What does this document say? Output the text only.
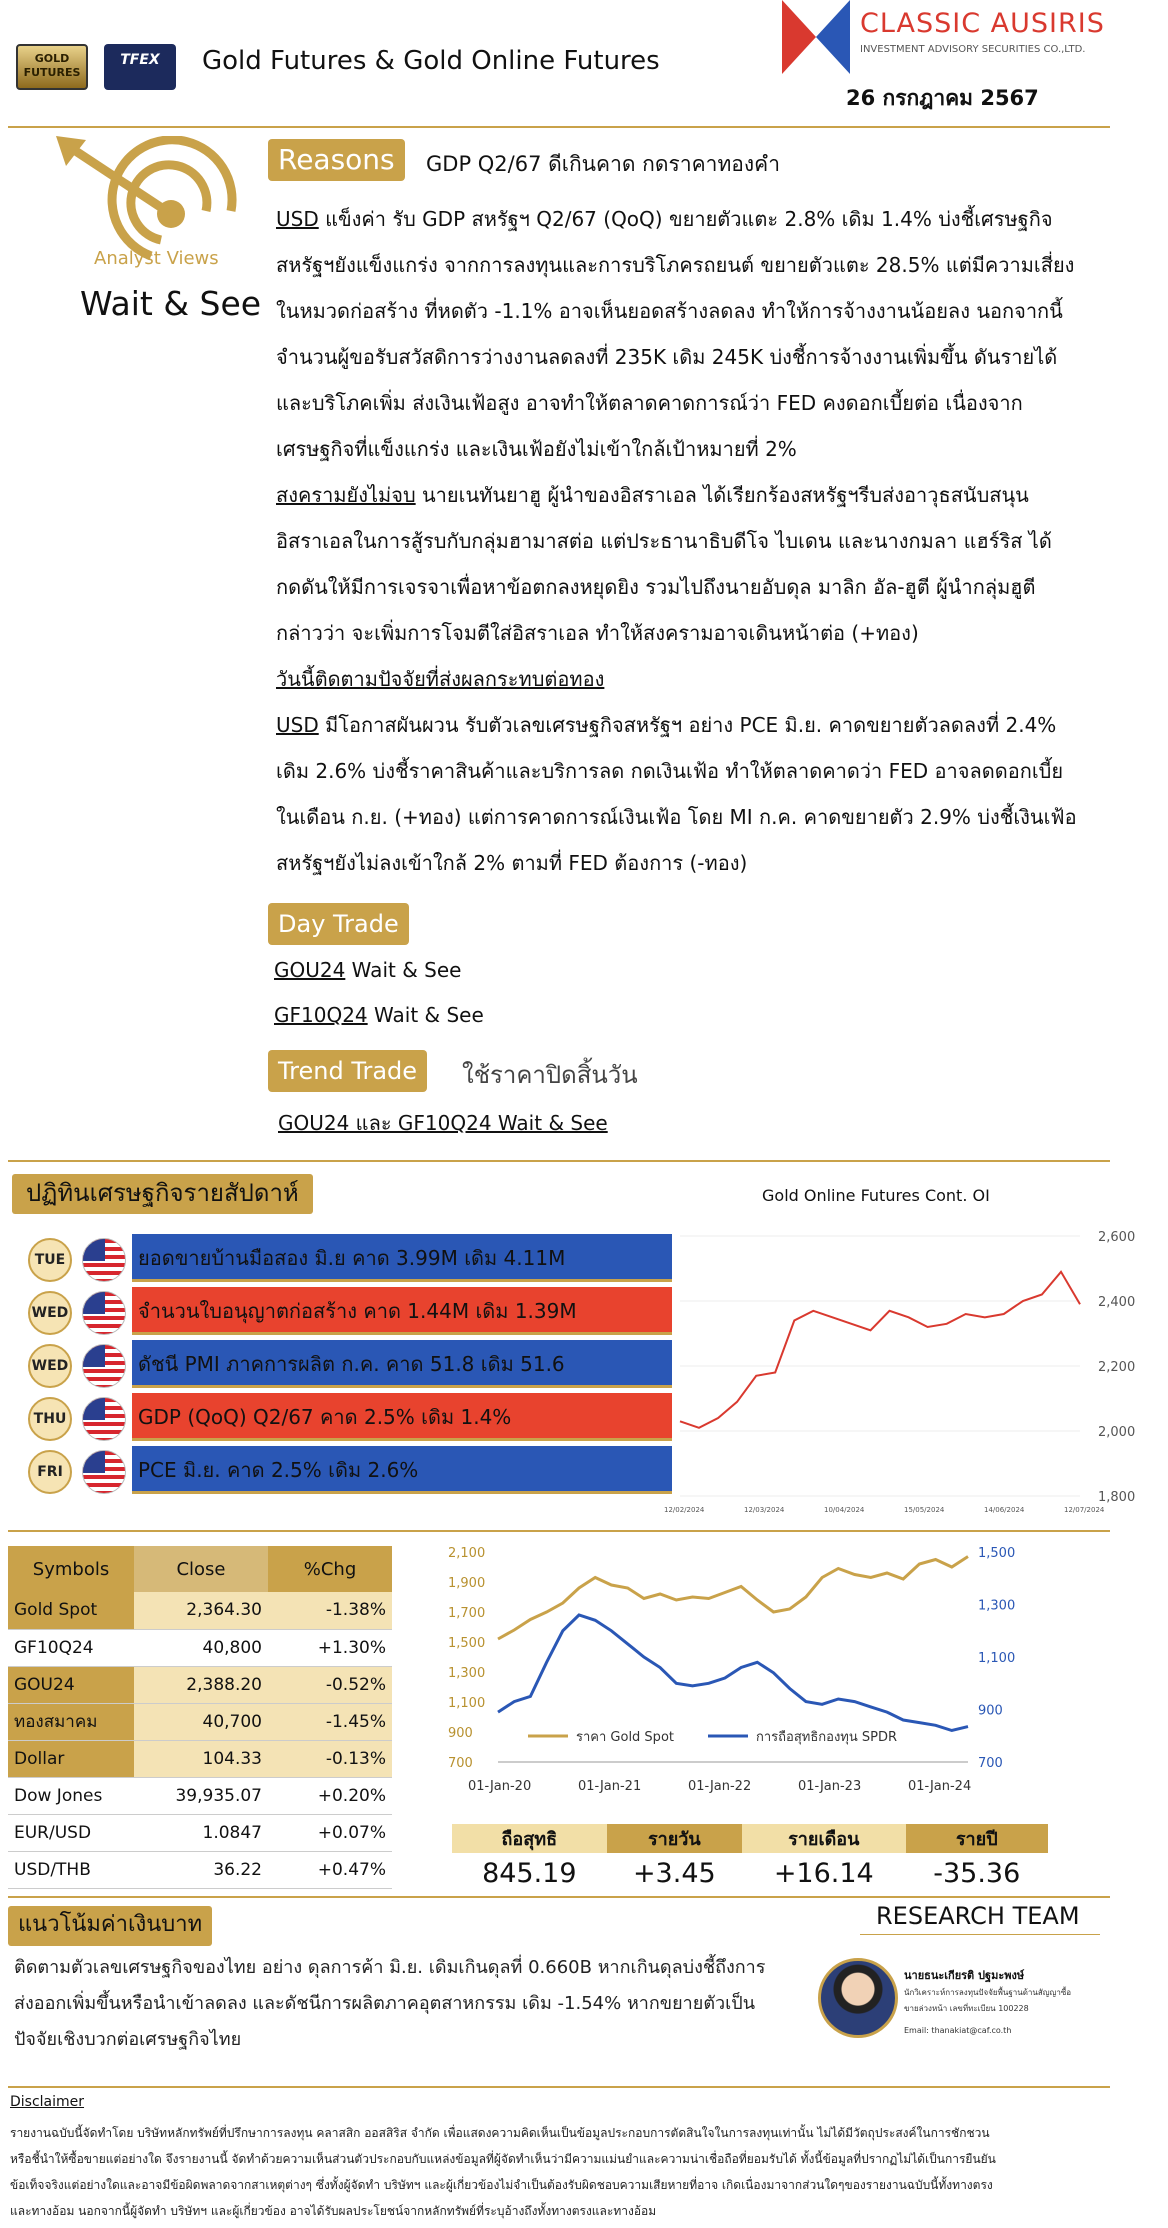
GOLD FUTURES
TFEX	Gold Futures & Gold Online Futures
CLASSIC AUSIRIS
INVESTMENT ADVISORY SECURITIES CO.,LTD.
26 กรกฎาคม 2567
Analyst Views
Wait & See
Reasons	GDP Q2/67 ดีเกินคาด กดราคาทองคำ
USD แข็งค่า รับ GDP สหรัฐฯ Q2/67 (QoQ) ขยายตัวแตะ 2.8% เดิม 1.4% บ่งชี้เศรษฐกิจ
สหรัฐฯยังแข็งแกร่ง จากการลงทุนและการบริโภครถยนต์ ขยายตัวแตะ 28.5% แต่มีความเสี่ยง
ในหมวดก่อสร้าง ที่หดตัว -1.1% อาจเห็นยอดสร้างลดลง ทำให้การจ้างงานน้อยลง นอกจากนี้
จำนวนผู้ขอรับสวัสดิการว่างงานลดลงที่ 235K เดิม 245K บ่งชี้การจ้างงานเพิ่มขึ้น ดันรายได้
และบริโภคเพิ่ม ส่งเงินเฟ้อสูง อาจทำให้ตลาดคาดการณ์ว่า FED คงดอกเบี้ยต่อ เนื่องจาก
เศรษฐกิจที่แข็งแกร่ง และเงินเฟ้อยังไม่เข้าใกล้เป้าหมายที่ 2%
สงครามยังไม่จบ นายเนทันยาฮู ผู้นำของอิสราเอล ได้เรียกร้องสหรัฐฯรีบส่งอาวุธสนับสนุน
อิสราเอลในการสู้รบกับกลุ่มฮามาสต่อ แต่ประธานาธิบดีโจ ไบเดน และนางกมลา แฮร์ริส ได้
กดดันให้มีการเจรจาเพื่อหาข้อตกลงหยุดยิง รวมไปถึงนายอับดุล มาลิก อัล-ฮูตี ผู้นำกลุ่มฮูตี
กล่าวว่า จะเพิ่มการโจมตีใส่อิสราเอล ทำให้สงครามอาจเดินหน้าต่อ (+ทอง)
วันนี้ติดตามปัจจัยที่ส่งผลกระทบต่อทอง
USD มีโอกาสผันผวน รับตัวเลขเศรษฐกิจสหรัฐฯ อย่าง PCE มิ.ย. คาดขยายตัวลดลงที่ 2.4%
เดิม 2.6% บ่งชี้ราคาสินค้าและบริการลด กดเงินเฟ้อ ทำให้ตลาดคาดว่า FED อาจลดดอกเบี้ย
ในเดือน ก.ย. (+ทอง) แต่การคาดการณ์เงินเฟ้อ โดย MI ก.ค. คาดขยายตัว 2.9% บ่งชี้เงินเฟ้อ
สหรัฐฯยังไม่ลงเข้าใกล้ 2% ตามที่ FED ต้องการ (-ทอง)
Day Trade
GOU24 Wait & See
GF10Q24 Wait & See
Trend Trade	ใช้ราคาปิดสิ้นวัน
GOU24 และ GF10Q24 Wait & See
ปฏิทินเศรษฐกิจรายสัปดาห์
TUE	ยอดขายบ้านมือสอง มิ.ย คาด 3.99M เดิม 4.11M
WED	จำนวนใบอนุญาตก่อสร้าง คาด 1.44M เดิม 1.39M
WED	ดัชนี PMI ภาคการผลิต ก.ค. คาด 51.8 เดิม 51.6
THU	GDP (QoQ) Q2/67 คาด 2.5% เดิม 1.4%
FRI	PCE มิ.ย. คาด 2.5% เดิม 2.6%
Gold Online Futures Cont. OI
1,800
2,000
2,200
2,400
2,600
12/02/2024	12/03/2024	10/04/2024	15/05/2024	14/06/2024	12/07/2024
Symbols	Close	%Chg
Gold Spot	2,364.30	-1.38%
GF10Q24	40,800	+1.30%
GOU24	2,388.20	-0.52%
ทองสมาคม	40,700	-1.45%
Dollar	104.33	-0.13%
Dow Jones	39,935.07	+0.20%
EUR/USD	1.0847	+0.07%
USD/THB	36.22	+0.47%
700
900
1,100
1,300
1,500
1,700
1,900
2,100
700
900
1,100
1,300
1,500
01-Jan-20	01-Jan-21	01-Jan-22	01-Jan-23	01-Jan-24
ราคา Gold Spot	การถือสุทธิกองทุน SPDR
ถือสุทธิ	รายวัน	รายเดือน	รายปี
845.19	+3.45	+16.14	-35.36
แนวโน้มค่าเงินบาท
ติดตามตัวเลขเศรษฐกิจของไทย อย่าง ดุลการค้า มิ.ย. เดิมเกินดุลที่ 0.660B หากเกินดุลบ่งชี้ถึงการ
ส่งออกเพิ่มขึ้นหรือนำเข้าลดลง และดัชนีการผลิตภาคอุตสาหกรรม เดิม -1.54% หากขยายตัวเป็น
ปัจจัยเชิงบวกต่อเศรษฐกิจไทย
RESEARCH TEAM
นายธนะเกียรติ ปฐมะพงษ์
นักวิเคราะห์การลงทุนปัจจัยพื้นฐานด้านสัญญาซื้อ
ขายล่วงหน้า เลขที่ทะเบียน 100228
Email: thanakiat@caf.co.th
Disclaimer
รายงานฉบับนี้จัดทำโดย บริษัทหลักทรัพย์ที่ปรึกษาการลงทุน คลาสสิก ออสสิริส จำกัด เพื่อแสดงความคิดเห็นเป็นข้อมูลประกอบการตัดสินใจในการลงทุนเท่านั้น ไม่ได้มีวัตถุประสงค์ในการชักชวน
หรือชี้นำให้ซื้อขายแต่อย่างใด จึงรายงานนี้ จัดทำด้วยความเห็นส่วนตัวประกอบกับแหล่งข้อมูลที่ผู้จัดทำเห็นว่ามีความแม่นยำและความน่าเชื่อถือที่ยอมรับได้ ทั้งนี้ข้อมูลที่ปรากฏไม่ได้เป็นการยืนยัน
ข้อเท็จจริงแต่อย่างใดและอาจมีข้อผิดพลาดจากสาเหตุต่างๆ ซึ่งทั้งผู้จัดทำ บริษัทฯ และผู้เกี่ยวข้องไม่จำเป็นต้องรับผิดชอบความเสียหายที่อาจ เกิดเนื่องมาจากส่วนใดๆของรายงานฉบับนี้ทั้งทางตรง
และทางอ้อม นอกจากนี้ผู้จัดทำ บริษัทฯ และผู้เกี่ยวข้อง อาจได้รับผลประโยชน์จากหลักทรัพย์ที่ระบุอ้างถึงทั้งทางตรงและทางอ้อม
